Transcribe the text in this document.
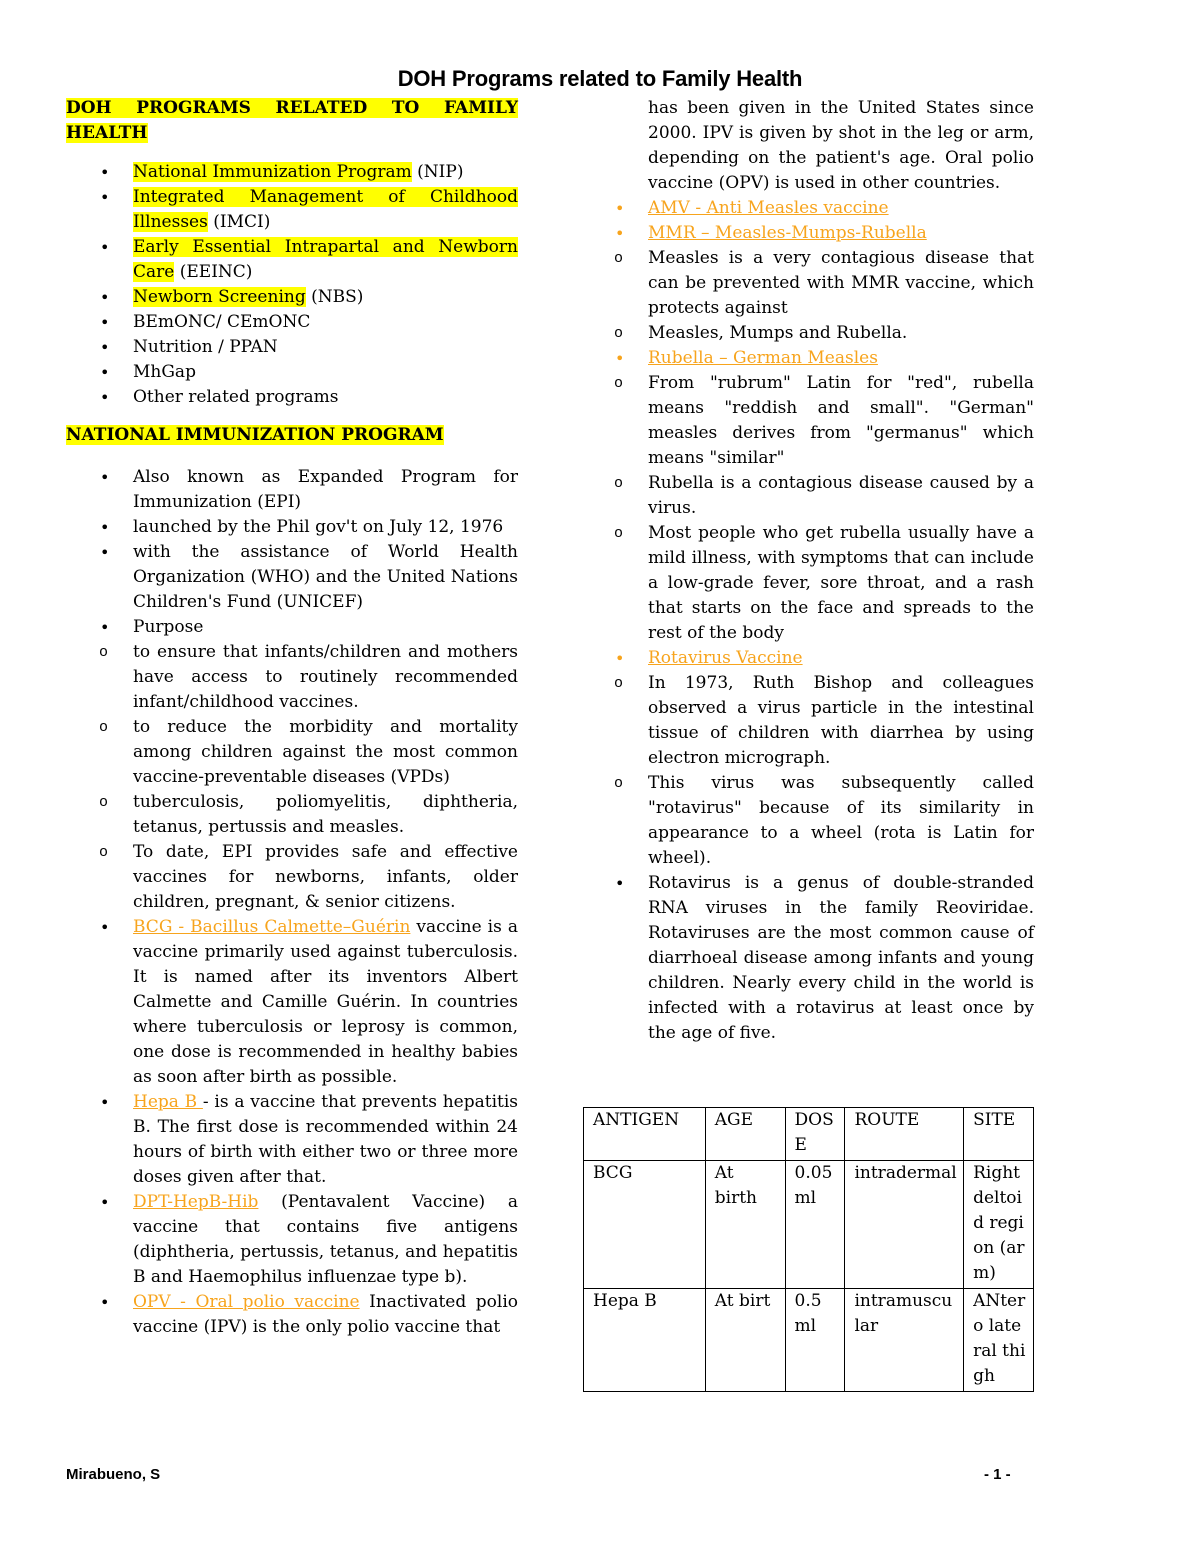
DOH Programs related to Family Health
DOH PROGRAMS RELATED TO FAMILY HEALTH
• National Immunization Program (NIP)
• Integrated Management of Childhood Illnesses (IMCI)
• Early Essential Intrapartal and Newborn Care (EEINC)
• Newborn Screening (NBS)
• BEmONC/ CEmONC
• Nutrition / PPAN
• MhGap
• Other related programs
NATIONAL IMMUNIZATION PROGRAM
• Also known as Expanded Program for Immunization (EPI)
• launched by the Phil gov't on July 12, 1976
• with the assistance of World Health Organization (WHO) and the United Nations Children's Fund (UNICEF)
• Purpose
o to ensure that infants/children and mothers have access to routinely recommended infant/childhood vaccines.
o to reduce the morbidity and mortality among children against the most common vaccine-preventable diseases (VPDs)
o tuberculosis, poliomyelitis, diphtheria, tetanus, pertussis and measles.
o To date, EPI provides safe and effective vaccines for newborns, infants, older children, pregnant, & senior citizens.
• BCG - Bacillus Calmette–Guérin vaccine is a vaccine primarily used against tuberculosis. It is named after its inventors Albert Calmette and Camille Guérin. In countries where tuberculosis or leprosy is common, one dose is recommended in healthy babies as soon after birth as possible.
• Hepa B - is a vaccine that prevents hepatitis B. The first dose is recommended within 24 hours of birth with either two or three more doses given after that.
• DPT-HepB-Hib (Pentavalent Vaccine) a vaccine that contains five antigens (diphtheria, pertussis, tetanus, and hepatitis B and Haemophilus influenzae type b).
• OPV - Oral polio vaccine Inactivated polio vaccine (IPV) is the only polio vaccine that
has been given in the United States since 2000. IPV is given by shot in the leg or arm, depending on the patient's age. Oral polio vaccine (OPV) is used in other countries.
• AMV - Anti Measles vaccine
• MMR – Measles-Mumps-Rubella
o Measles is a very contagious disease that can be prevented with MMR vaccine, which protects against
o Measles, Mumps and Rubella.
• Rubella – German Measles
o From "rubrum" Latin for "red", rubella means "reddish and small". "German" measles derives from "germanus" which means "similar"
o Rubella is a contagious disease caused by a virus.
o Most people who get rubella usually have a mild illness, with symptoms that can include a low-grade fever, sore throat, and a rash that starts on the face and spreads to the rest of the body
• Rotavirus Vaccine
o In 1973, Ruth Bishop and colleagues observed a virus particle in the intestinal tissue of children with diarrhea by using electron micrograph.
o This virus was subsequently called "rotavirus" because of its similarity in appearance to a wheel (rota is Latin for wheel).
• Rotavirus is a genus of double-stranded RNA viruses in the family Reoviridae. Rotaviruses are the most common cause of diarrhoeal disease among infants and young children. Nearly every child in the world is infected with a rotavirus at least once by the age of five.
ANTIGEN	AGE	DOSE	ROUTE	SITE
BCG	At birth	0.05 ml	intradermal	Right deltoid region (arm)
Hepa B	At birt	0.5 ml	intramuscular	ANtero lateral thigh
Mirabueno, S	- 1 -
